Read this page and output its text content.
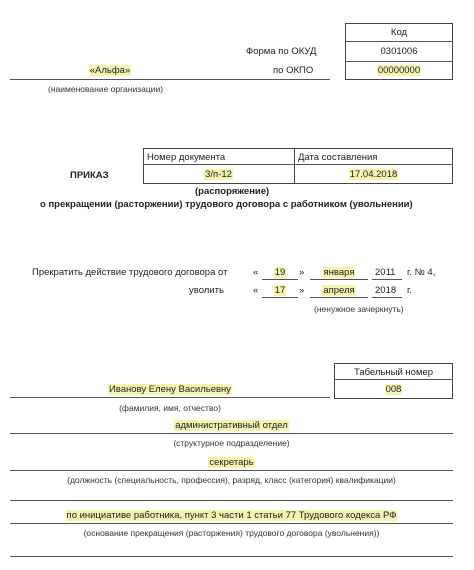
Код
Форма по ОКУД	0301006
по ОКПО	00000000
«Альфа»
(наименование организации)
Номер документа	Дата составления
3/п-12	17.04.2018
ПРИКАЗ
(распоряжение)
о прекращении (расторжении) трудового договора с работником (увольнении)
Прекратить действие трудового договора от	«	19	»	января	2011 г. № 4,
уволить	«	17	»	апреля	2018 г.
(ненужное зачеркнуть)
Табельный номер
008
Иванову Елену Васильевну
(фамилия, имя, отчество)
административный отдел
(структурное подразделение)
секретарь
(должность (специальность, профессия), разряд, класс (категория) квалификации)
по инициативе работника, пункт 3 части 1 статьи 77 Трудового кодекса РФ
(основание прекращения (расторжения) трудового договора (увольнения))
